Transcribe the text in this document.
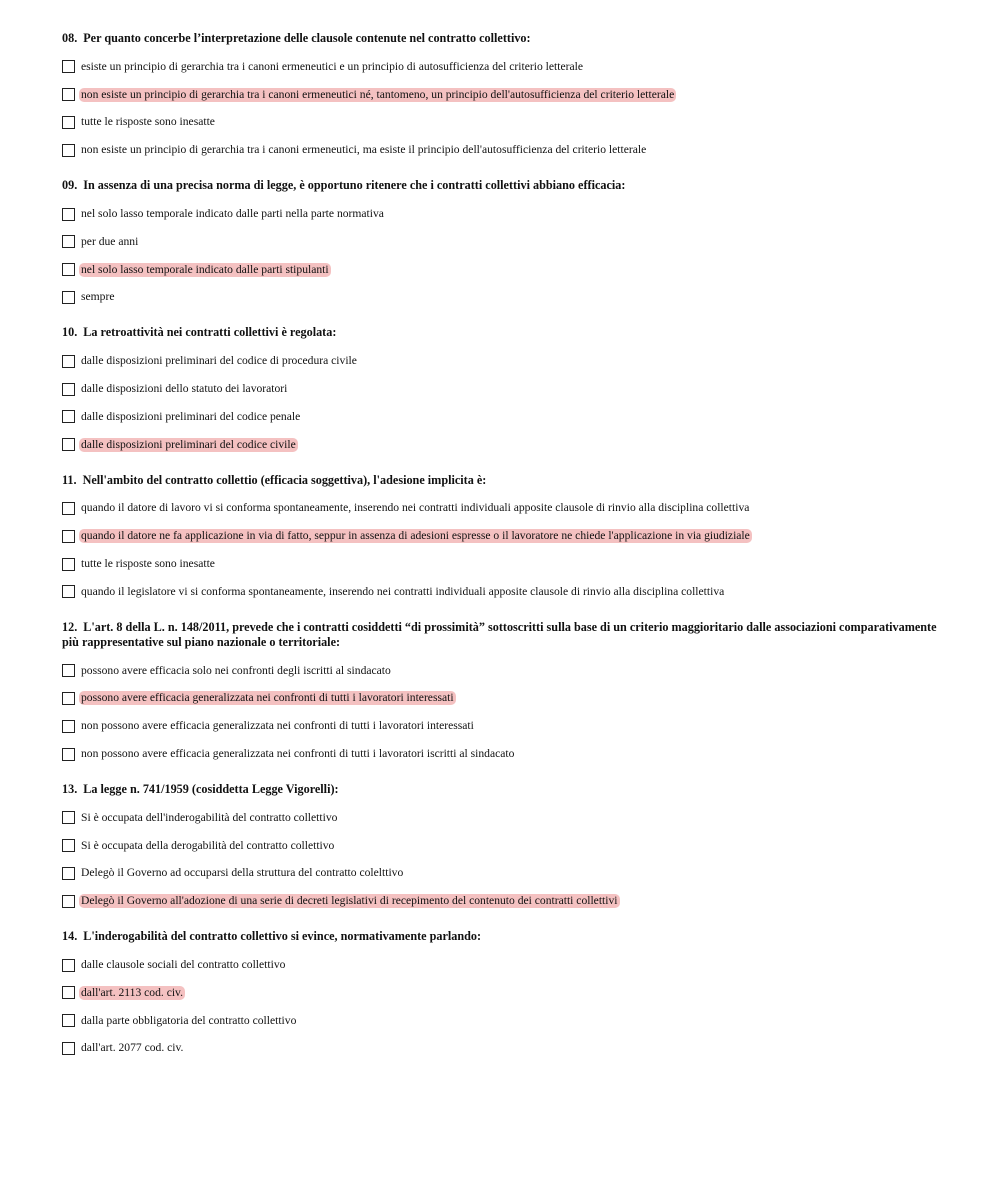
08. Per quanto concerbe l’interpretazione delle clausole contenute nel contratto collettivo:

esiste un principio di gerarchia tra i canoni ermeneutici e un principio di autosufficienza del criterio letterale
non esiste un principio di gerarchia tra i canoni ermeneutici né, tantomeno, un principio dell'autosufficienza del criterio letterale
tutte le risposte sono inesatte
non esiste un principio di gerarchia tra i canoni ermeneutici, ma esiste il principio dell'autosufficienza del criterio letterale

09. In assenza di una precisa norma di legge, è opportuno ritenere che i contratti collettivi abbiano efficacia:

nel solo lasso temporale indicato dalle parti nella parte normativa
per due anni
nel solo lasso temporale indicato dalle parti stipulanti
sempre

10. La retroattività nei contratti collettivi è regolata:

dalle disposizioni preliminari del codice di procedura civile
dalle disposizioni dello statuto dei lavoratori
dalle disposizioni preliminari del codice penale
dalle disposizioni preliminari del codice civile

11. Nell'ambito del contratto collettio (efficacia soggettiva), l'adesione implicita è:

quando il datore di lavoro vi si conforma spontaneamente, inserendo nei contratti individuali apposite clausole di rinvio alla disciplina collettiva
quando il datore ne fa applicazione in via di fatto, seppur in assenza di adesioni espresse o il lavoratore ne chiede l'applicazione in via giudiziale
tutte le risposte sono inesatte
quando il legislatore vi si conforma spontaneamente, inserendo nei contratti individuali apposite clausole di rinvio alla disciplina collettiva

12. L'art. 8 della L. n. 148/2011, prevede che i contratti cosiddetti “di prossimità” sottoscritti sulla base di un criterio maggioritario dalle associazioni comparativamente più rappresentative sul piano nazionale o territoriale:

possono avere efficacia solo nei confronti degli iscritti al sindacato
possono avere efficacia generalizzata nei confronti di tutti i lavoratori interessati
non possono avere efficacia generalizzata nei confronti di tutti i lavoratori interessati
non possono avere efficacia generalizzata nei confronti di tutti i lavoratori iscritti al sindacato

13. La legge n. 741/1959 (cosiddetta Legge Vigorelli):

Si è occupata dell'inderogabilità del contratto collettivo
Si è occupata della derogabilità del contratto collettivo
Delegò il Governo ad occuparsi della struttura del contratto colelttivo
Delegò il Governo all'adozione di una serie di decreti legislativi di recepimento del contenuto dei contratti collettivi

14. L'inderogabilità del contratto collettivo si evince, normativamente parlando:

dalle clausole sociali del contratto collettivo
dall'art. 2113 cod. civ.
dalla parte obbligatoria del contratto collettivo
dall'art. 2077 cod. civ.
